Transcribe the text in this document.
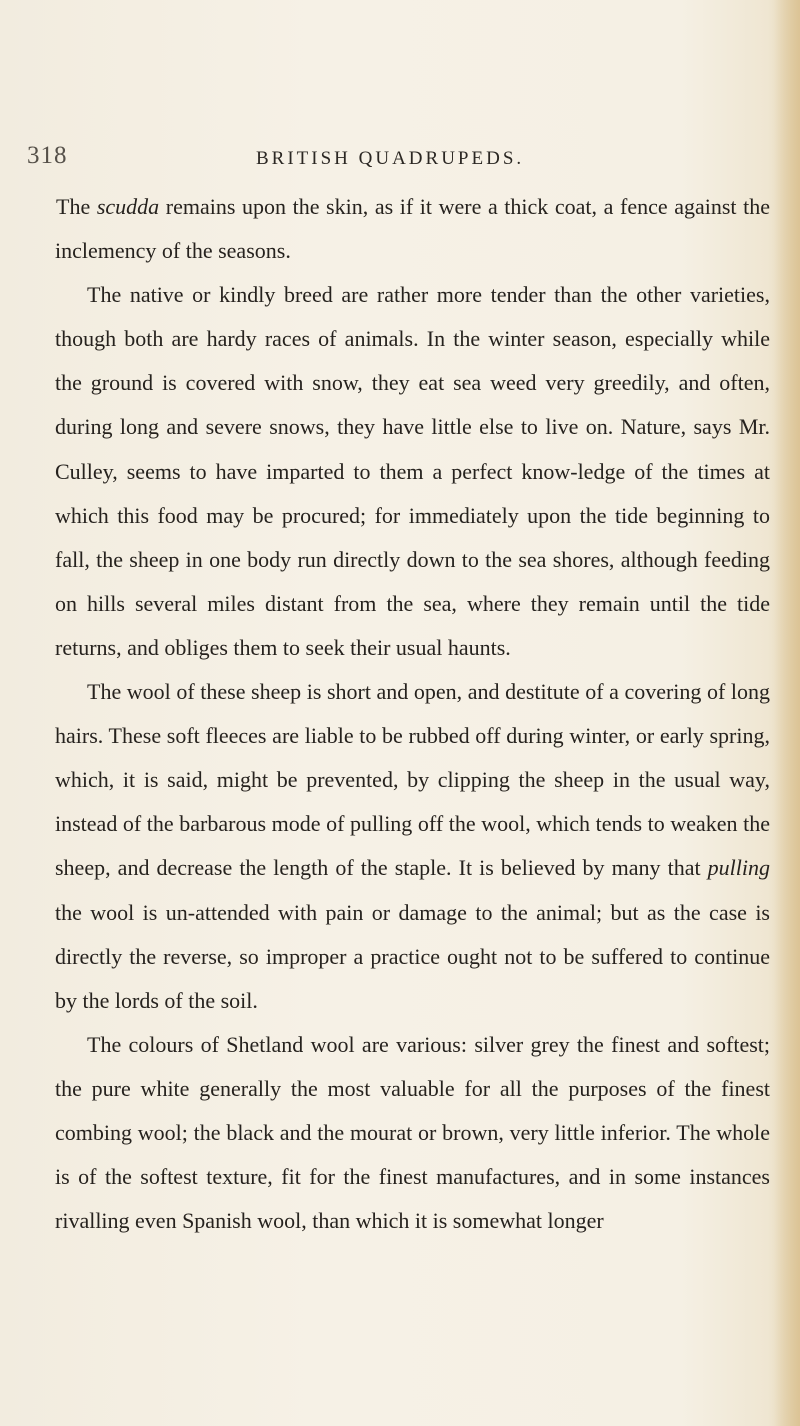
318	BRITISH QUADRUPEDS.

The scudda remains upon the skin, as if it were a thick coat, a fence against the inclemency of the seasons.

The native or kindly breed are rather more tender than the other varieties, though both are hardy races of animals. In the winter season, especially while the ground is covered with snow, they eat sea weed very greedily, and often, during long and severe snows, they have little else to live on. Nature, says Mr. Culley, seems to have imparted to them a perfect know-ledge of the times at which this food may be procured; for immediately upon the tide beginning to fall, the sheep in one body run directly down to the sea shores, although feeding on hills several miles distant from the sea, where they remain until the tide returns, and obliges them to seek their usual haunts.

The wool of these sheep is short and open, and destitute of a covering of long hairs. These soft fleeces are liable to be rubbed off during winter, or early spring, which, it is said, might be prevented, by clipping the sheep in the usual way, instead of the barbarous mode of pulling off the wool, which tends to weaken the sheep, and decrease the length of the staple. It is believed by many that pulling the wool is un-attended with pain or damage to the animal; but as the case is directly the reverse, so improper a practice ought not to be suffered to continue by the lords of the soil.

The colours of Shetland wool are various: silver grey the finest and softest; the pure white generally the most valuable for all the purposes of the finest combing wool; the black and the mourat or brown, very little inferior. The whole is of the softest texture, fit for the finest manufactures, and in some instances rivalling even Spanish wool, than which it is somewhat longer
